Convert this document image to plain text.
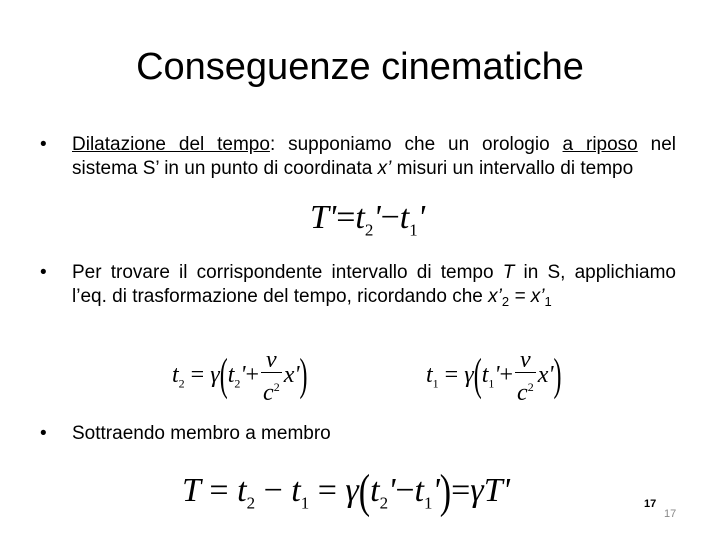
Conseguenze cinematiche
• Dilatazione del tempo: supponiamo che un orologio a riposo nel sistema S’ in un punto di coordinata x’ misuri un intervallo di tempo
$T'=t_2'-t_1'$
• Per trovare il corrispondente intervallo di tempo T in S, applichiamo l’eq. di trasformazione del tempo, ricordando che $x’_2$ = $x’_1$
$t_2 = \gamma(t_2'+ \frac{v}{c^2} x')$	$t_1 = \gamma(t_1'+ \frac{v}{c^2} x')$
• Sottraendo membro a membro
$T = t_2 - t_1 = \gamma(t_2'-t_1')=\gamma T'$	17
17
